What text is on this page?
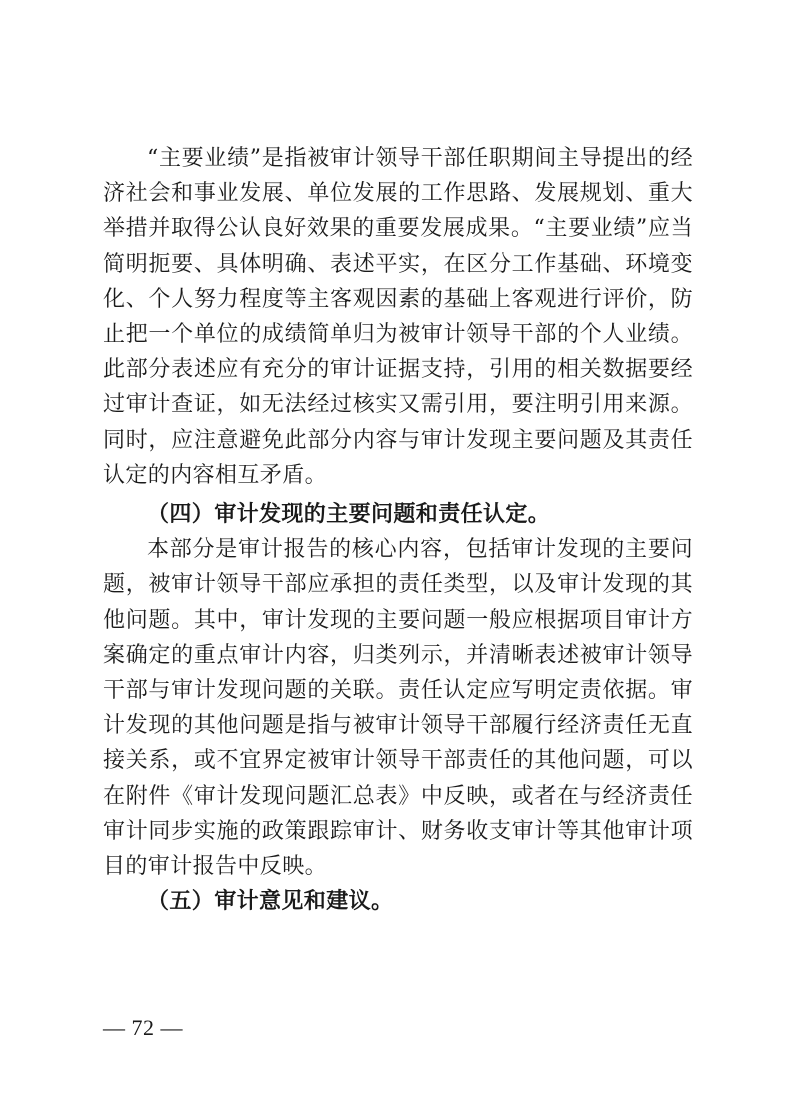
“主要业绩”是指被审计领导干部任职期间主导提出的经济社会和事业发展、单位发展的工作思路、发展规划、重大举措并取得公认良好效果的重要发展成果。“主要业绩”应当简明扼要、具体明确、表述平实，在区分工作基础、环境变化、个人努力程度等主客观因素的基础上客观进行评价，防止把一个单位的成绩简单归为被审计领导干部的个人业绩。此部分表述应有充分的审计证据支持，引用的相关数据要经过审计查证，如无法经过核实又需引用，要注明引用来源。同时，应注意避免此部分内容与审计发现主要问题及其责任认定的内容相互矛盾。

（四）审计发现的主要问题和责任认定。

本部分是审计报告的核心内容，包括审计发现的主要问题，被审计领导干部应承担的责任类型，以及审计发现的其他问题。其中，审计发现的主要问题一般应根据项目审计方案确定的重点审计内容，归类列示，并清晰表述被审计领导干部与审计发现问题的关联。责任认定应写明定责依据。审计发现的其他问题是指与被审计领导干部履行经济责任无直接关系，或不宜界定被审计领导干部责任的其他问题，可以在附件《审计发现问题汇总表》中反映，或者在与经济责任审计同步实施的政策跟踪审计、财务收支审计等其他审计项目的审计报告中反映。

（五）审计意见和建议。

— 72 —
